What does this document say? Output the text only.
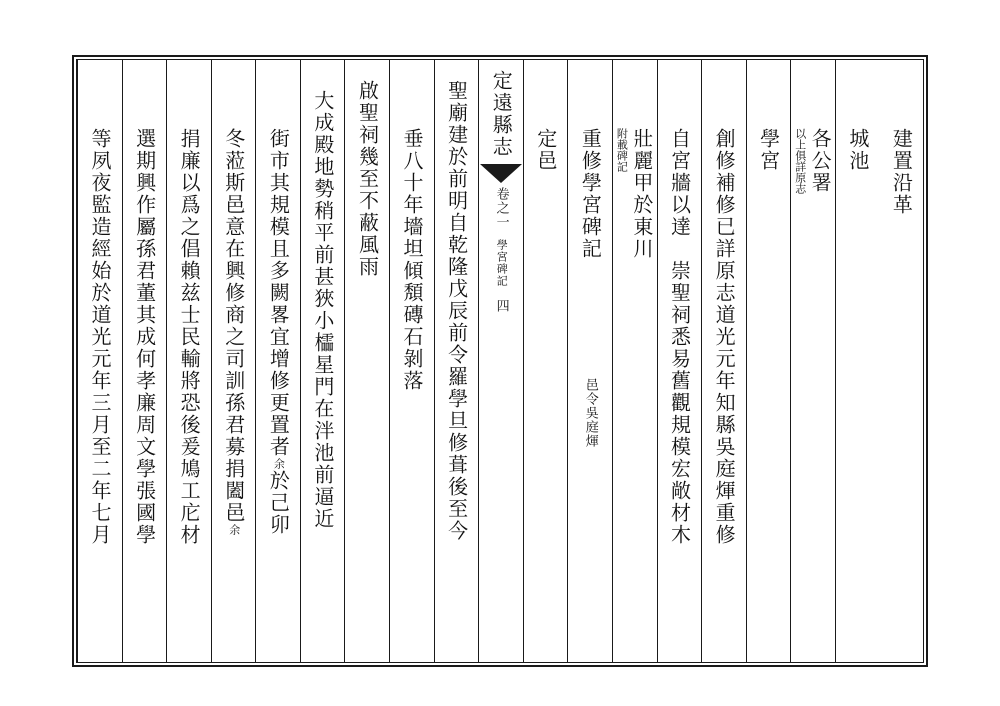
建置沿革
城池
以上俱詳原志 各公署
學宮
創修補修已詳原志道光元年知縣吳庭煇重修
自宮牆以達　崇聖祠悉易舊觀規模宏敞材木
附載碑記 壯麗甲於東川
重修學宮碑記
邑令吳庭煇
定邑
定遠縣志
卷之一
學宮碑記
四
聖廟建於前明自乾隆戊辰前令羅學旦修葺後至今
垂八十年墻坦傾頽磚石剝落
啟聖祠幾至不蔽風雨
大成殿地勢稍平前甚狹小櫺星門在泮池前逼近
街市其規模且多闕畧宜增修更置者
余
於己卯
冬蒞斯邑意在興修商之司訓孫君募捐闔邑
余
捐廉以爲之倡賴兹士民輸將恐後爰鳩工庀材
選期興作屬孫君董其成何孝廉周文學張國學
等夙夜監造經始於道光元年三月至二年七月
